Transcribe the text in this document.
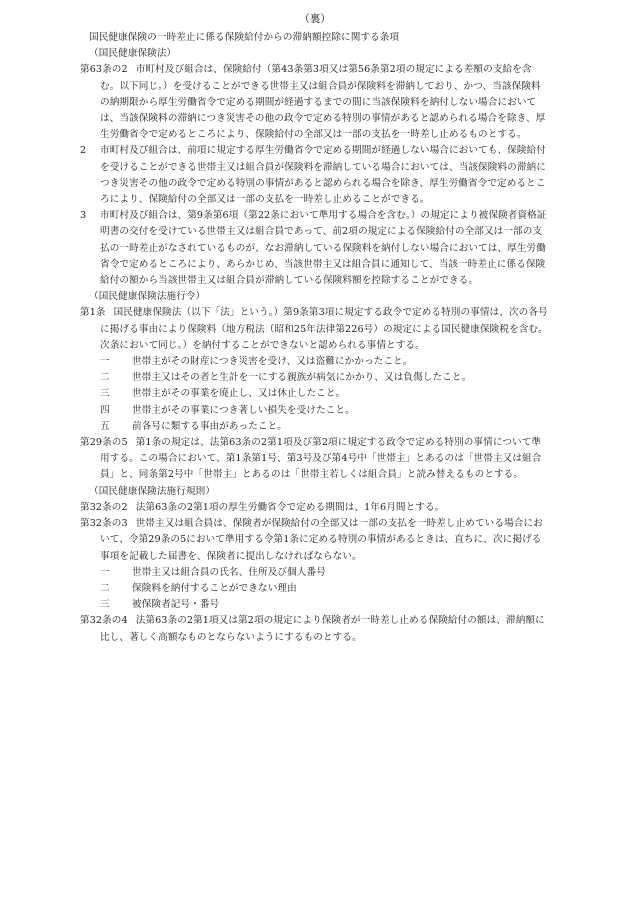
（裏）
国民健康保険の一時差止に係る保険給付からの滞納額控除に関する条項
（国民健康保険法）
第63条の2 市町村及び組合は、保険給付（第43条第3項又は第56条第2項の規定による差額の支給を含む。以下同じ。）を受けることができる世帯主又は組合員が保険料を滞納しており、かつ、当該保険料の納期限から厚生労働省令で定める期間が経過するまでの間に当該保険料を納付しない場合においては、当該保険料の滞納につき災害その他の政令で定める特別の事情があると認められる場合を除き、厚生労働省令で定めるところにより、保険給付の全部又は一部の支払を一時差し止めるものとする。
2 市町村及び組合は、前項に規定する厚生労働省令で定める期間が経過しない場合においても、保険給付を受けることができる世帯主又は組合員が保険料を滞納している場合においては、当該保険料の滞納につき災害その他の政令で定める特別の事情があると認められる場合を除き、厚生労働省令で定めるところにより、保険給付の全部又は一部の支払を一時差し止めることができる。
3 市町村及び組合は、第9条第6項（第22条において準用する場合を含む。）の規定により被保険者資格証明書の交付を受けている世帯主又は組合員であって、前2項の規定による保険給付の全部又は一部の支払の一時差止がなされているものが、なお滞納している保険料を納付しない場合においては、厚生労働省令で定めるところにより、あらかじめ、当該世帯主又は組合員に通知して、当該一時差止に係る保険給付の額から当該世帯主又は組合員が滞納している保険料額を控除することができる。
（国民健康保険法施行令）
第1条 国民健康保険法（以下「法」という。）第9条第3項に規定する政令で定める特別の事情は、次の各号に掲げる事由により保険料（地方税法（昭和25年法律第226号）の規定による国民健康保険税を含む。次条において同じ。）を納付することができないと認められる事情とする。
一 世帯主がその財産につき災害を受け、又は盗難にかかったこと。
二 世帯主又はその者と生計を一にする親族が病気にかかり、又は負傷したこと。
三 世帯主がその事業を廃止し、又は休止したこと。
四 世帯主がその事業につき著しい損失を受けたこと。
五 前各号に類する事由があったこと。
第29条の5 第1条の規定は、法第63条の2第1項及び第2項に規定する政令で定める特別の事情について準用する。この場合において、第1条第1号、第3号及び第4号中「世帯主」とあるのは「世帯主又は組合員」と、同条第2号中「世帯主」とあるのは「世帯主若しくは組合員」と読み替えるものとする。
（国民健康保険法施行規則）
第32条の2 法第63条の2第1項の厚生労働省令で定める期間は、1年6月間とする。
第32条の3 世帯主又は組合員は、保険者が保険給付の全部又は一部の支払を一時差し止めている場合において、令第29条の5において準用する令第1条に定める特別の事情があるときは、直ちに、次に掲げる事項を記載した届書を、保険者に提出しなければならない。
一 世帯主又は組合員の氏名、住所及び個人番号
二 保険料を納付することができない理由
三 被保険者記号・番号
第32条の4 法第63条の2第1項又は第2項の規定により保険者が一時差し止める保険給付の額は、滞納額に比し、著しく高額なものとならないようにするものとする。
